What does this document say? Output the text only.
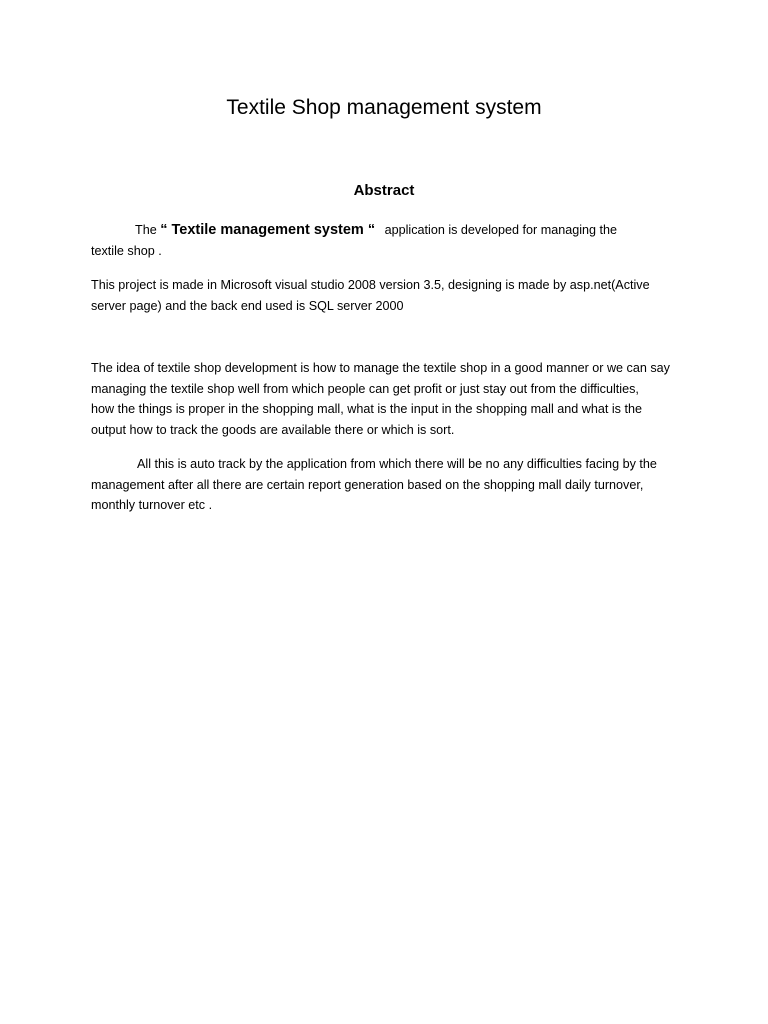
Textile Shop management system
Abstract

The “ Textile management system “ application is developed for managing the
textile shop .

This project is made in Microsoft visual studio 2008 version 3.5, designing is made by asp.net(Active
server page) and the back end used is SQL server 2000

The idea of textile shop development is how to manage the textile shop in a good manner or we can say
managing the textile shop well from which people can get profit or just stay out from the difficulties,
how the things is proper in the shopping mall, what is the input in the shopping mall and what is the
output how to track the goods are available there or which is sort.

All this is auto track by the application from which there will be no any difficulties facing by the
management after all there are certain report generation based on the shopping mall daily turnover,
monthly turnover etc .
